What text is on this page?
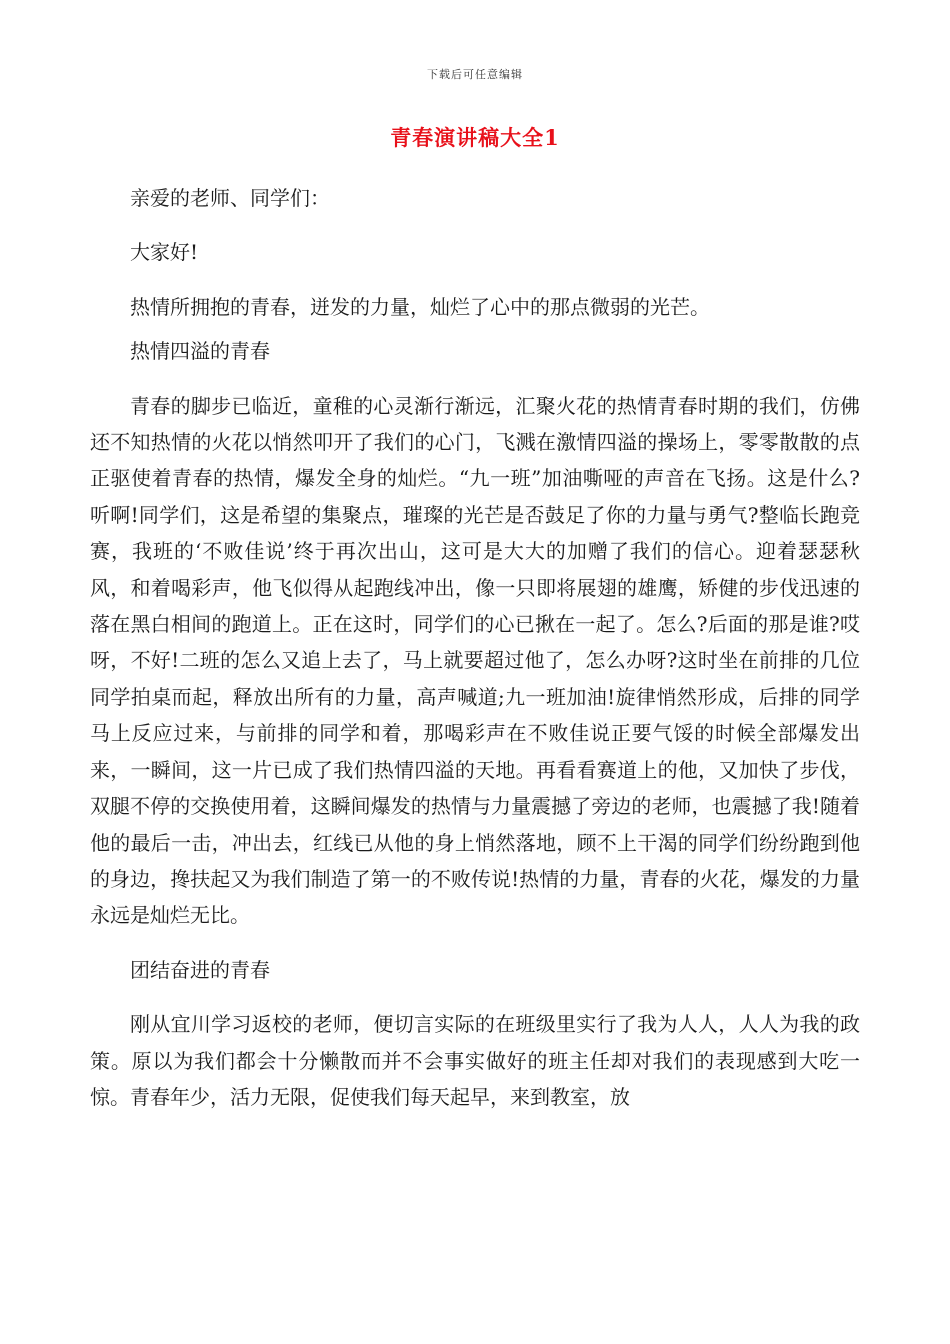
下载后可任意编辑
青春演讲稿大全1

亲爱的老师、同学们：

大家好!

热情所拥抱的青春，迸发的力量，灿烂了心中的那点微弱的光芒。

热情四溢的青春

青春的脚步已临近，童稚的心灵渐行渐远，汇聚火花的热情青春时期的我们，仿佛还不知热情的火花以悄然叩开了我们的心门，飞溅在激情四溢的操场上，零零散散的点正驱使着青春的热情，爆发全身的灿烂。“九一班”加油嘶哑的声音在飞扬。这是什么?听啊!同学们，这是希望的集聚点，璀璨的光芒是否鼓足了你的力量与勇气?整临长跑竞赛，我班的‘不败佳说’终于再次出山，这可是大大的加赠了我们的信心。迎着瑟瑟秋风，和着喝彩声，他飞似得从起跑线冲出，像一只即将展翅的雄鹰，矫健的步伐迅速的落在黑白相间的跑道上。正在这时，同学们的心已揪在一起了。怎么?后面的那是谁?哎呀，不好!二班的怎么又追上去了，马上就要超过他了，怎么办呀?这时坐在前排的几位同学拍桌而起，释放出所有的力量，高声喊道;九一班加油!旋律悄然形成，后排的同学马上反应过来，与前排的同学和着，那喝彩声在不败佳说正要气馁的时候全部爆发出来，一瞬间，这一片已成了我们热情四溢的天地。再看看赛道上的他，又加快了步伐，双腿不停的交换使用着，这瞬间爆发的热情与力量震撼了旁边的老师，也震撼了我!随着他的最后一击，冲出去，红线已从他的身上悄然落地，顾不上干渴的同学们纷纷跑到他的身边，搀扶起又为我们制造了第一的不败传说!热情的力量，青春的火花，爆发的力量永远是灿烂无比。

团结奋进的青春

刚从宜川学习返校的老师，便切言实际的在班级里实行了我为人人，人人为我的政策。原以为我们都会十分懒散而并不会事实做好的班主任却对我们的表现感到大吃一惊。青春年少，活力无限，促使我们每天起早，来到教室，放
